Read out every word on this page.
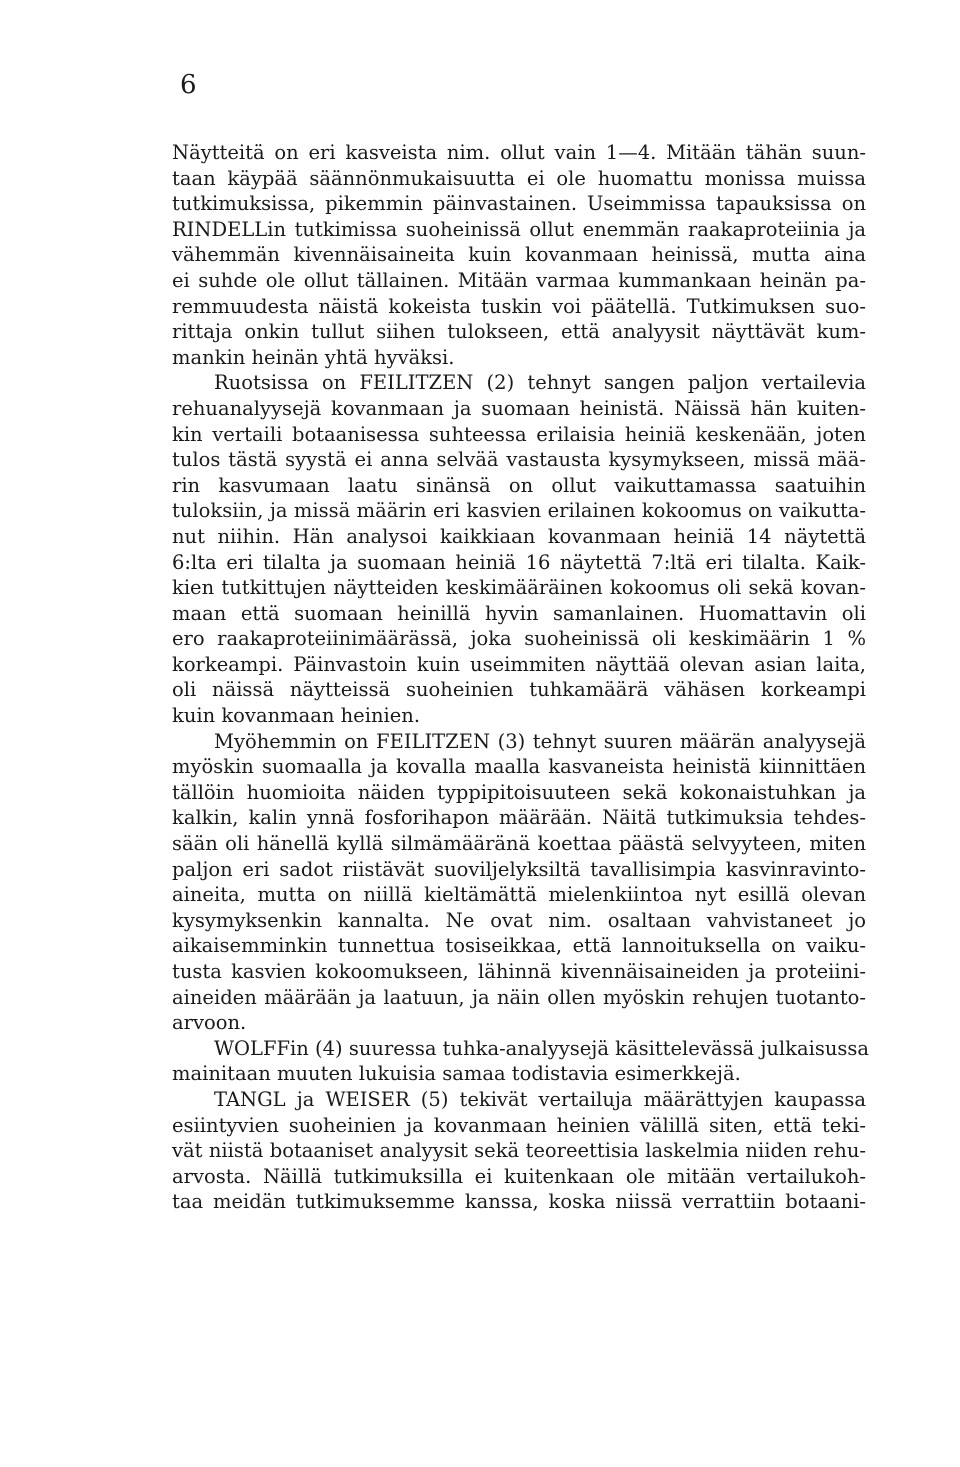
6
Näytteitä on eri kasveista nim. ollut vain 1—4. Mitään tähän suun-
taan käypää säännönmukaisuutta ei ole huomattu monissa muissa
tutkimuksissa, pikemmin päinvastainen. Useimmissa tapauksissa on
RINDELLin tutkimissa suoheinissä ollut enemmän raakaproteiinia ja
vähemmän kivennäisaineita kuin kovanmaan heinissä, mutta aina
ei suhde ole ollut tällainen. Mitään varmaa kummankaan heinän pa-
remmuudesta näistä kokeista tuskin voi päätellä. Tutkimuksen suo-
rittaja onkin tullut siihen tulokseen, että analyysit näyttävät kum-
mankin heinän yhtä hyväksi.
Ruotsissa on FEILITZEN (2) tehnyt sangen paljon vertailevia
rehuanalyysejä kovanmaan ja suomaan heinistä. Näissä hän kuiten-
kin vertaili botaanisessa suhteessa erilaisia heiniä keskenään, joten
tulos tästä syystä ei anna selvää vastausta kysymykseen, missä mää-
rin kasvumaan laatu sinänsä on ollut vaikuttamassa saatuihin
tuloksiin, ja missä määrin eri kasvien erilainen kokoomus on vaikutta-
nut niihin. Hän analysoi kaikkiaan kovanmaan heiniä 14 näytettä
6:lta eri tilalta ja suomaan heiniä 16 näytettä 7:ltä eri tilalta. Kaik-
kien tutkittujen näytteiden keskimääräinen kokoomus oli sekä kovan-
maan että suomaan heinillä hyvin samanlainen. Huomattavin oli
ero raakaproteiinimäärässä, joka suoheinissä oli keskimäärin 1 %
korkeampi. Päinvastoin kuin useimmiten näyttää olevan asian laita,
oli näissä näytteissä suoheinien tuhkamäärä vähäsen korkeampi
kuin kovanmaan heinien.
Myöhemmin on FEILITZEN (3) tehnyt suuren määrän analyysejä
myöskin suomaalla ja kovalla maalla kasvaneista heinistä kiinnittäen
tällöin huomioita näiden typpipitoisuuteen sekä kokonaistuhkan ja
kalkin, kalin ynnä fosforihapon määrään. Näitä tutkimuksia tehdes-
sään oli hänellä kyllä silmämääränä koettaa päästä selvyyteen, miten
paljon eri sadot riistävät suoviljelyksiltä tavallisimpia kasvinravinto-
aineita, mutta on niillä kieltämättä mielenkiintoa nyt esillä olevan
kysymyksenkin kannalta. Ne ovat nim. osaltaan vahvistaneet jo
aikaisemminkin tunnettua tosiseikkaa, että lannoituksella on vaiku-
tusta kasvien kokoomukseen, lähinnä kivennäisaineiden ja proteiini-
aineiden määrään ja laatuun, ja näin ollen myöskin rehujen tuotanto-
arvoon.
WOLFFin (4) suuressa tuhka-analyysejä käsittelevässä julkaisussa
mainitaan muuten lukuisia samaa todistavia esimerkkejä.
TANGL ja WEISER (5) tekivät vertailuja määrättyjen kaupassa
esiintyvien suoheinien ja kovanmaan heinien välillä siten, että teki-
vät niistä botaaniset analyysit sekä teoreettisia laskelmia niiden rehu-
arvosta. Näillä tutkimuksilla ei kuitenkaan ole mitään vertailukoh-
taa meidän tutkimuksemme kanssa, koska niissä verrattiin botaani-
